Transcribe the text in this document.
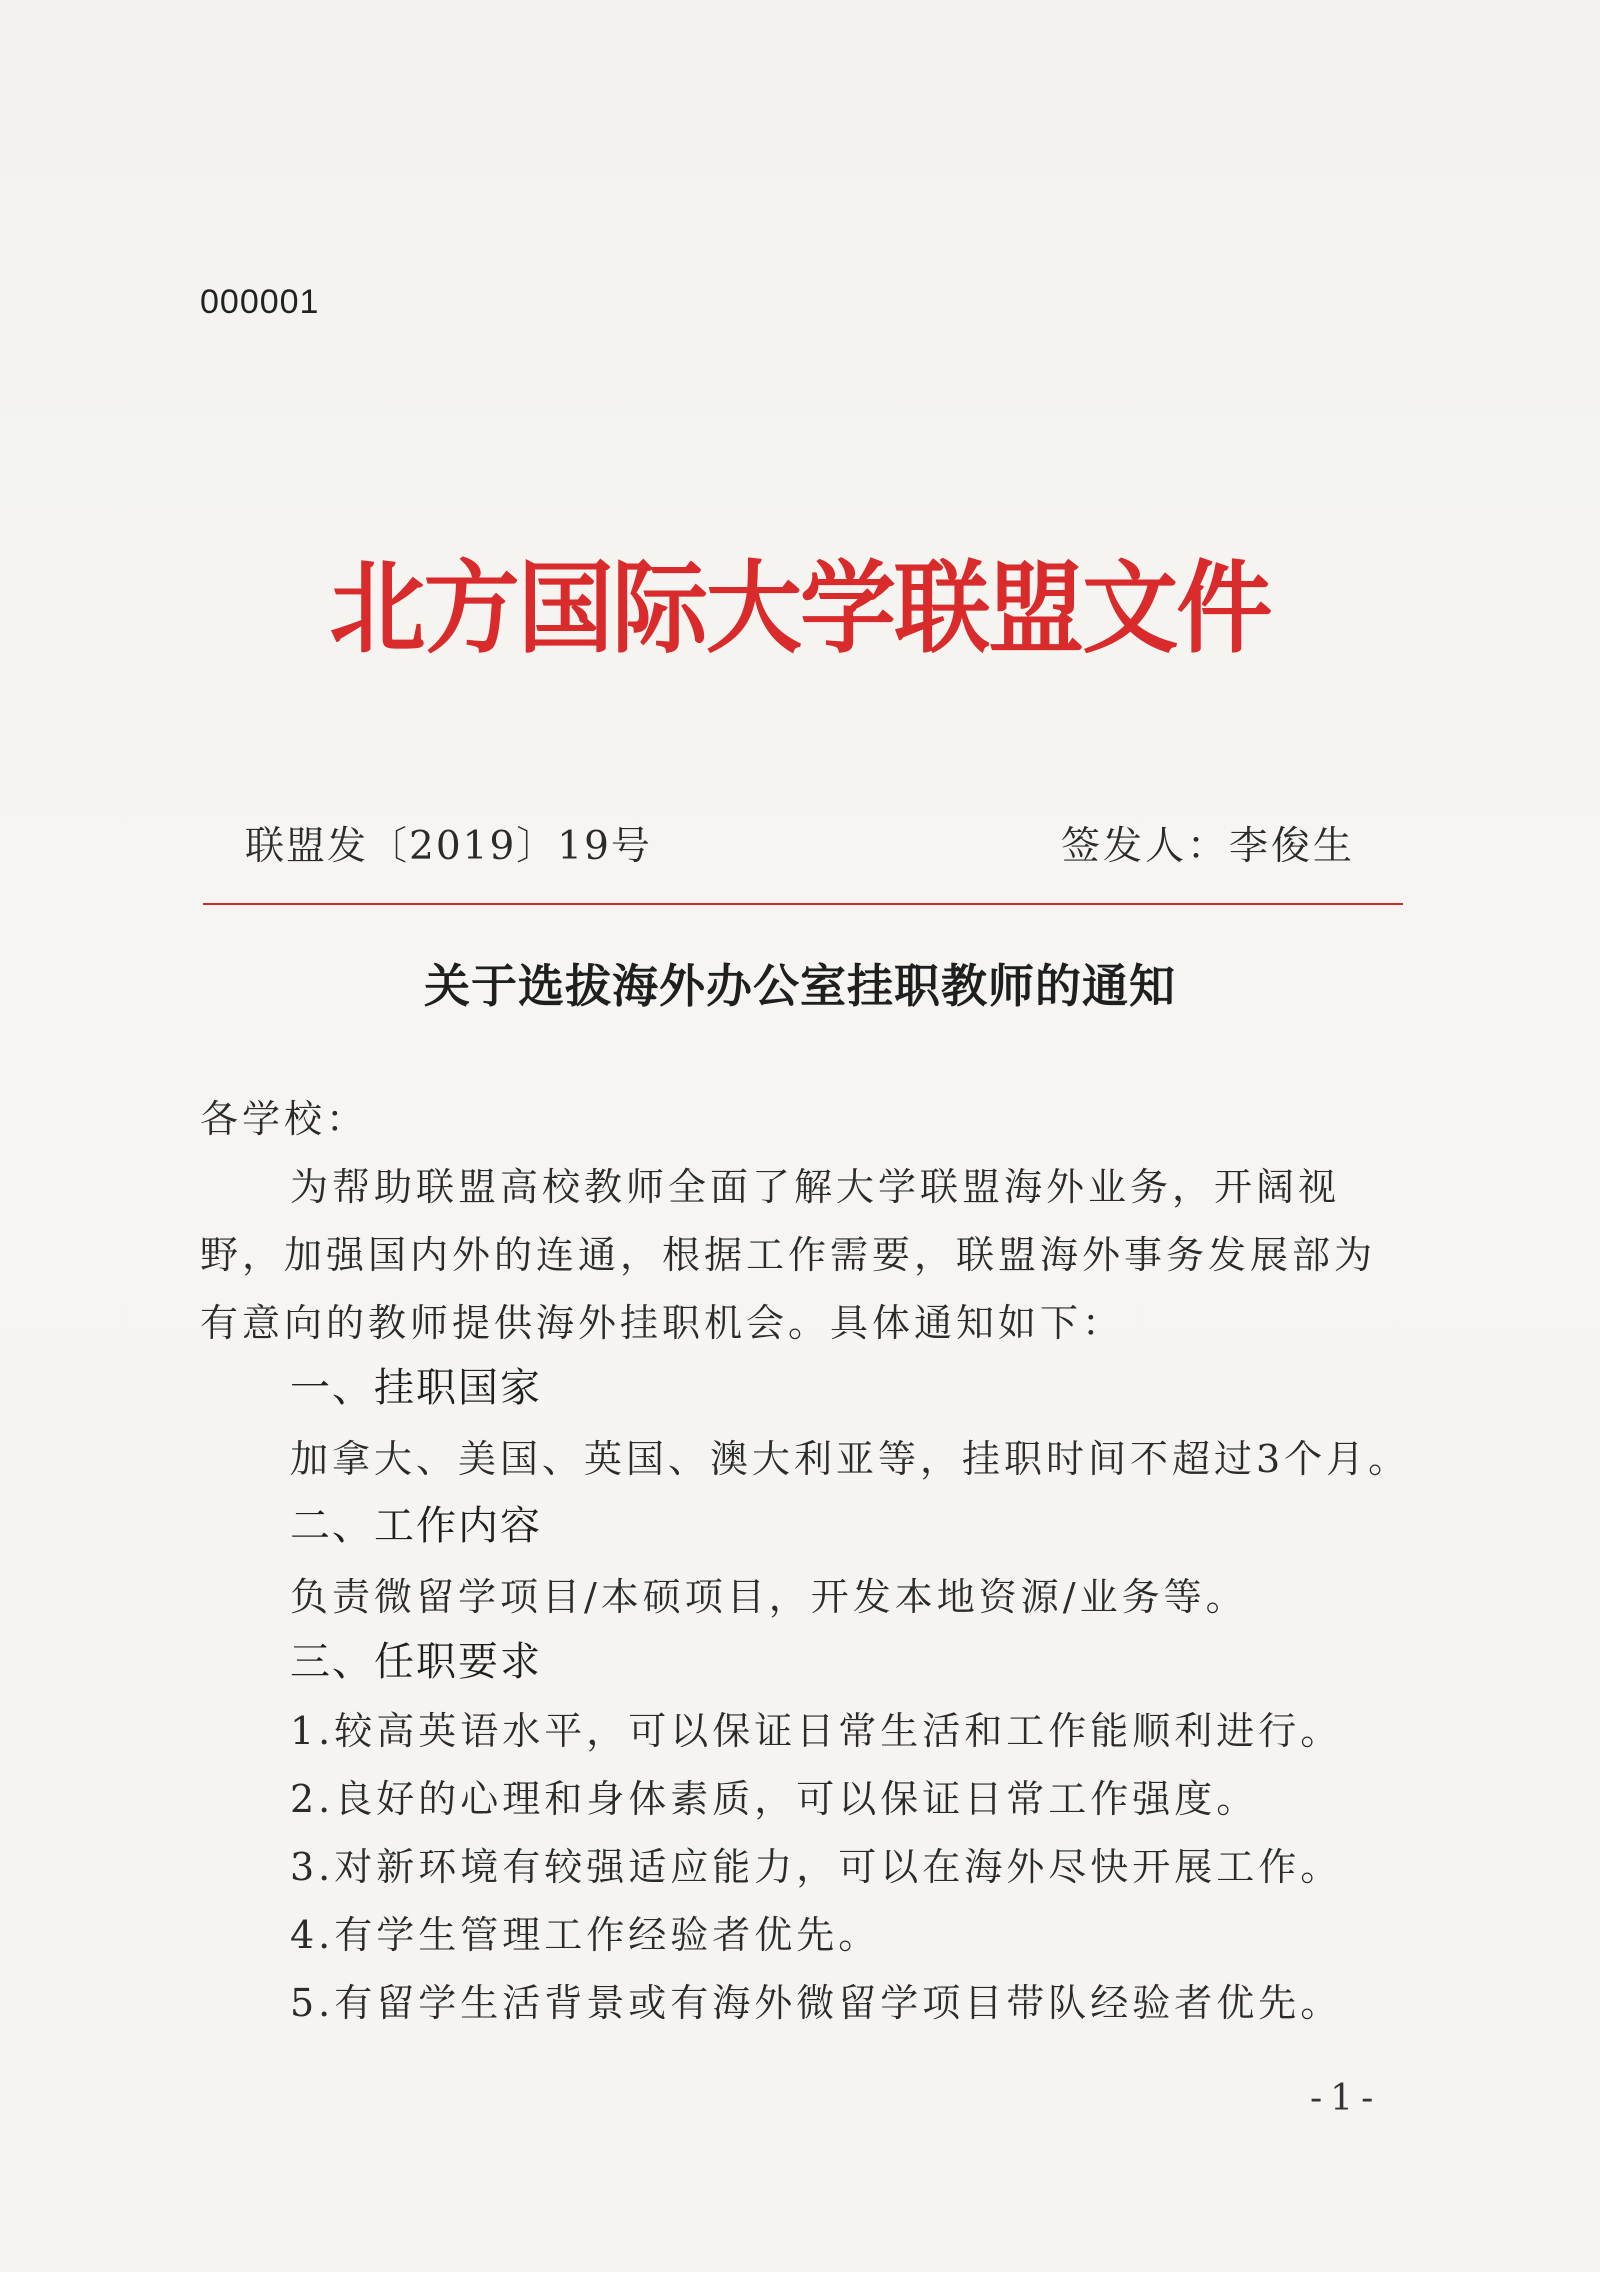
000001
北方国际大学联盟文件
联盟发〔2019〕19号	签发人：李俊生
关于选拔海外办公室挂职教师的通知
各学校：
为帮助联盟高校教师全面了解大学联盟海外业务，开阔视
野，加强国内外的连通，根据工作需要，联盟海外事务发展部为
有意向的教师提供海外挂职机会。具体通知如下：
一、挂职国家
加拿大、美国、英国、澳大利亚等，挂职时间不超过3个月。
二、工作内容
负责微留学项目/本硕项目，开发本地资源/业务等。
三、任职要求
1.较高英语水平，可以保证日常生活和工作能顺利进行。
2.良好的心理和身体素质，可以保证日常工作强度。
3.对新环境有较强适应能力，可以在海外尽快开展工作。
4.有学生管理工作经验者优先。
5.有留学生活背景或有海外微留学项目带队经验者优先。
-1-
